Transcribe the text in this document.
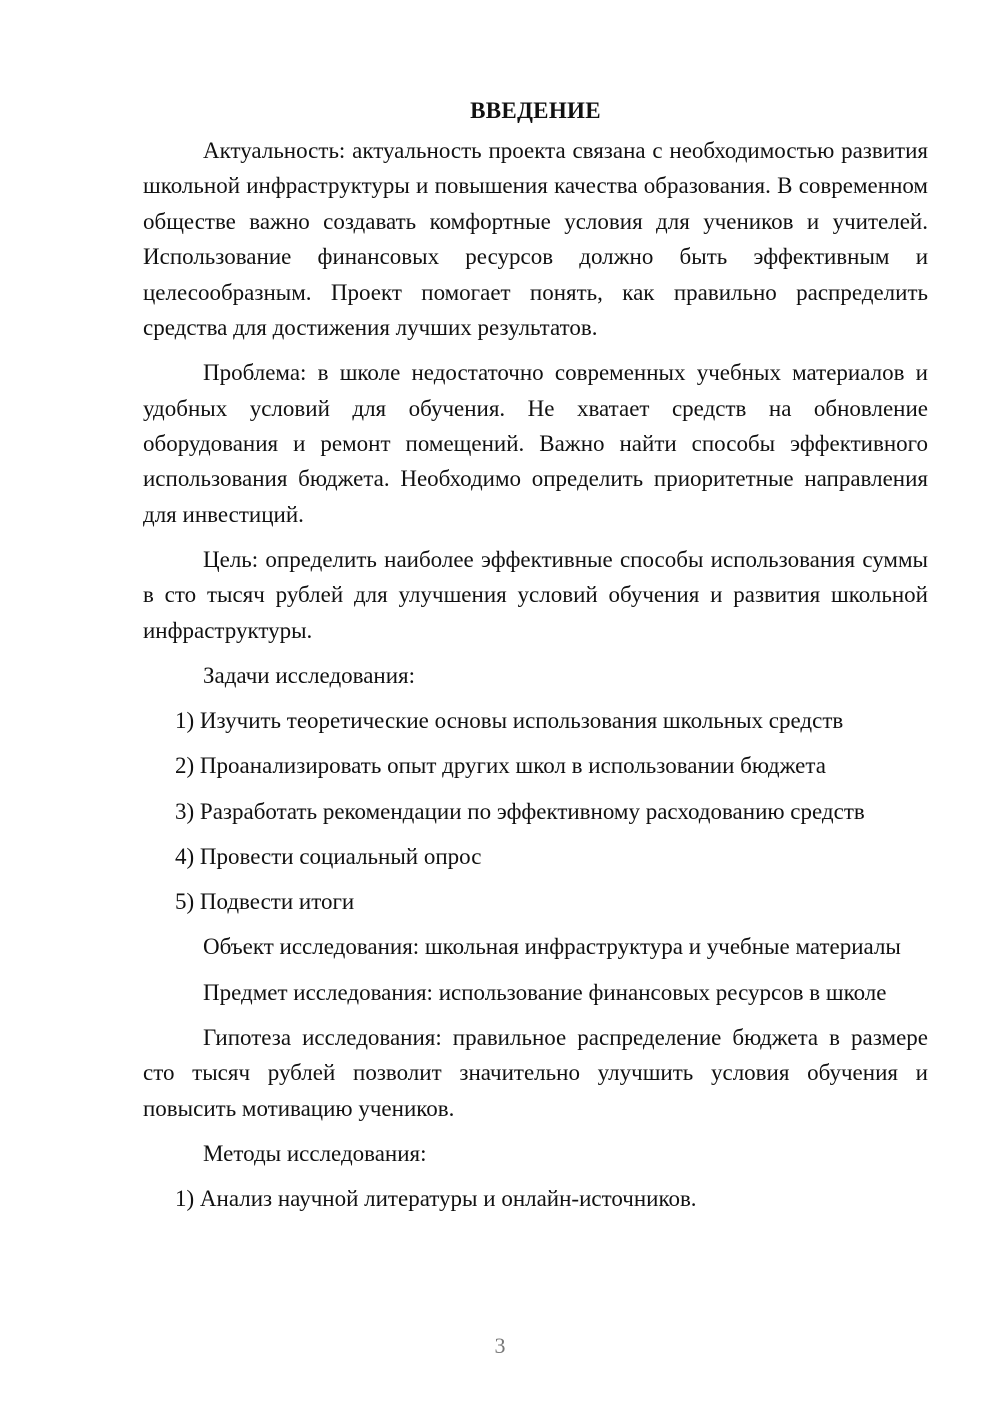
ВВЕДЕНИЕ

Актуальность: актуальность проекта связана с необходимостью развития школьной инфраструктуры и повышения качества образования. В современном обществе важно создавать комфортные условия для учеников и учителей. Использование финансовых ресурсов должно быть эффективным и целесообразным. Проект помогает понять, как правильно распределить средства для достижения лучших результатов.

Проблема: в школе недостаточно современных учебных материалов и удобных условий для обучения. Не хватает средств на обновление оборудования и ремонт помещений. Важно найти способы эффективного использования бюджета. Необходимо определить приоритетные направления для инвестиций.

Цель: определить наиболее эффективные способы использования суммы в сто тысяч рублей для улучшения условий обучения и развития школьной инфраструктуры.

Задачи исследования:

1) Изучить теоретические основы использования школьных средств

2) Проанализировать опыт других школ в использовании бюджета

3) Разработать рекомендации по эффективному расходованию средств

4) Провести социальный опрос

5) Подвести итоги

Объект исследования: школьная инфраструктура и учебные материалы

Предмет исследования: использование финансовых ресурсов в школе

Гипотеза исследования: правильное распределение бюджета в размере сто тысяч рублей позволит значительно улучшить условия обучения и повысить мотивацию учеников.

Методы исследования:

1) Анализ научной литературы и онлайн-источников.

3
